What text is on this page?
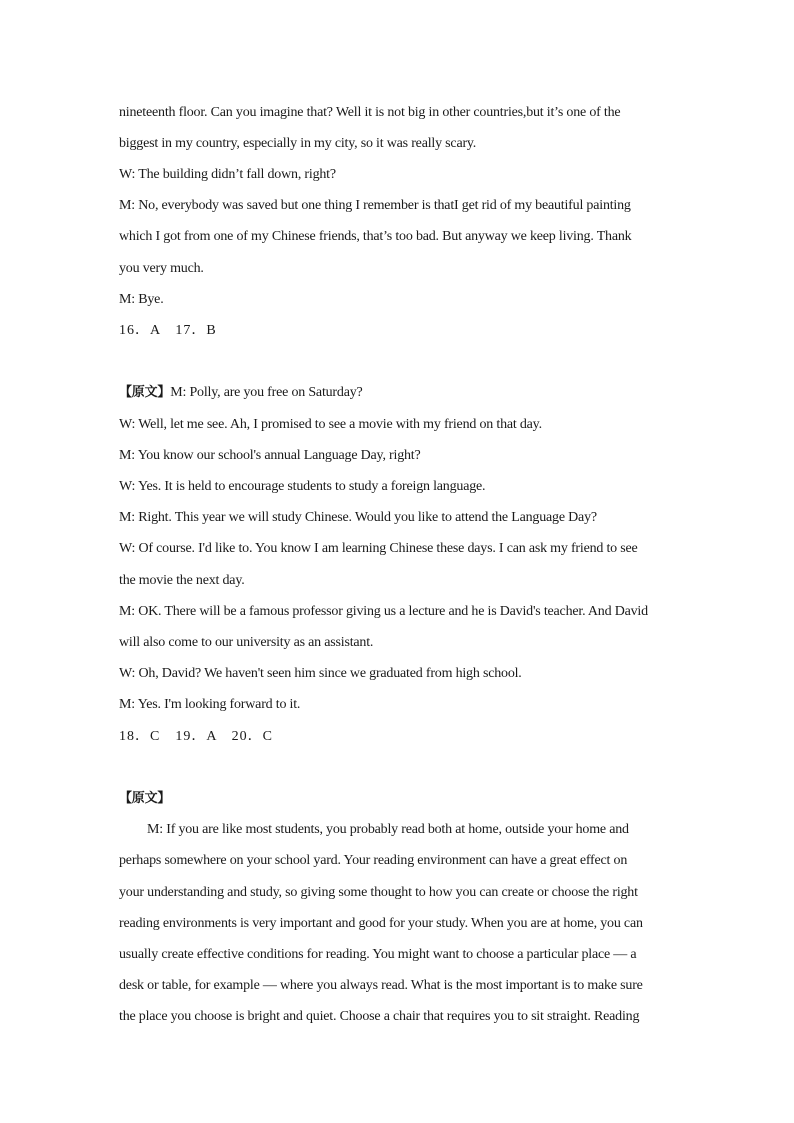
nineteenth floor. Can you imagine that? Well it is not big in other countries,but it’s one of the
biggest in my country, especially in my city, so it was really scary.
W: The building didn’t fall down, right?
M: No, everybody was saved but one thing I remember is thatI get rid of my beautiful painting
which I got from one of my Chinese friends, that’s too bad. But anyway we keep living. Thank
you very much.
M: Bye.
16．A　17．B
【原文】M: Polly, are you free on Saturday?
W: Well, let me see. Ah, I promised to see a movie with my friend on that day.
M: You know our school's annual Language Day, right?
W: Yes. It is held to encourage students to study a foreign language.
M: Right. This year we will study Chinese. Would you like to attend the Language Day?
W: Of course. I'd like to. You know I am learning Chinese these days. I can ask my friend to see
the movie the next day.
M: OK. There will be a famous professor giving us a lecture and he is David's teacher. And David
will also come to our university as an assistant.
W: Oh, David? We haven't seen him since we graduated from high school.
M: Yes. I'm looking forward to it.
18．C　19．A　20．C
【原文】
M: If you are like most students, you probably read both at home, outside your home and
perhaps somewhere on your school yard. Your reading environment can have a great effect on
your understanding and study, so giving some thought to how you can create or choose the right
reading environments is very important and good for your study. When you are at home, you can
usually create effective conditions for reading. You might want to choose a particular place — a
desk or table, for example — where you always read. What is the most important is to make sure
the place you choose is bright and quiet. Choose a chair that requires you to sit straight. Reading
